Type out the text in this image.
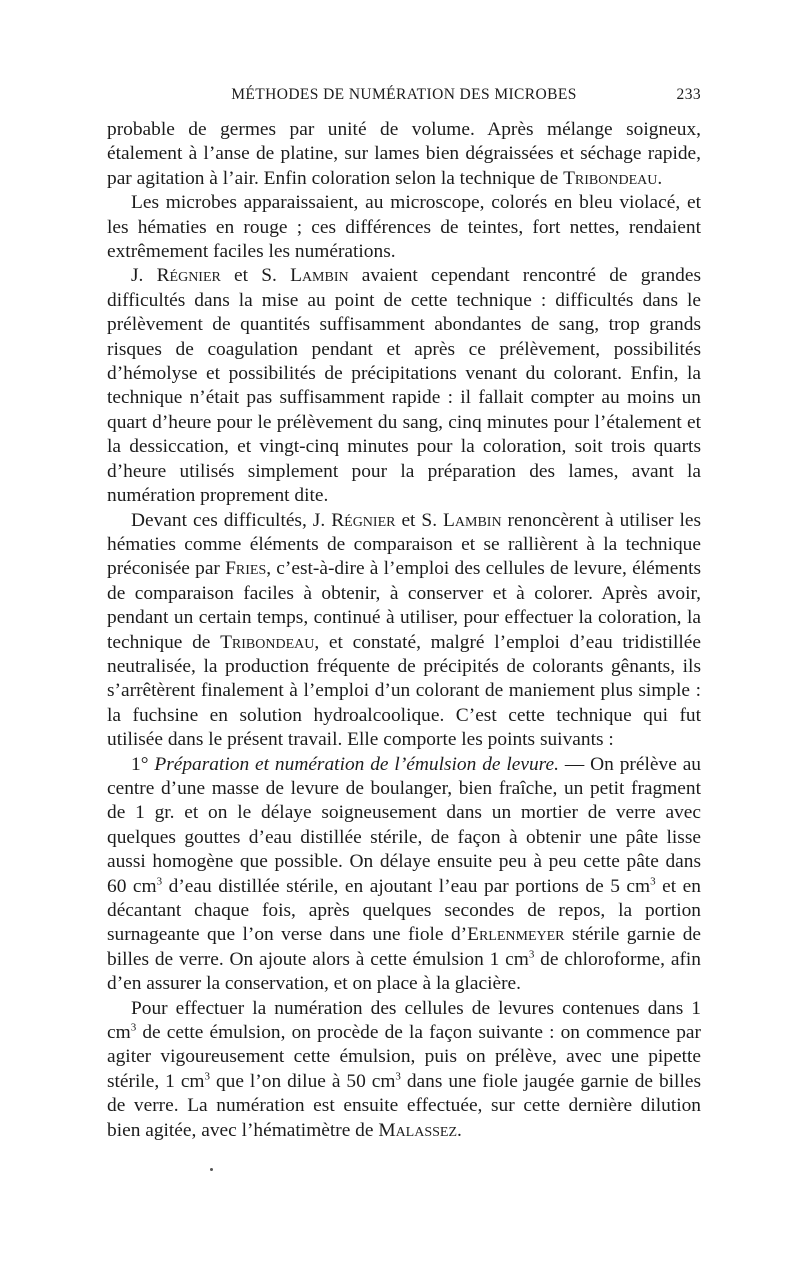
MÉTHODES DE NUMÉRATION DES MICROBES	233

probable de germes par unité de volume. Après mélange soigneux, étalement à l’anse de platine, sur lames bien dégraissées et séchage rapide, par agitation à l’air. Enfin coloration selon la technique de Tribondeau.

Les microbes apparaissaient, au microscope, colorés en bleu violacé, et les hématies en rouge ; ces différences de teintes, fort nettes, rendaient extrêmement faciles les numérations.

J. Régnier et S. Lambin avaient cependant rencontré de grandes difficultés dans la mise au point de cette technique : difficultés dans le prélèvement de quantités suffisamment abondantes de sang, trop grands risques de coagulation pendant et après ce prélèvement, possibilités d’hémolyse et possibilités de précipitations venant du colorant. Enfin, la technique n’était pas suffisamment rapide : il fallait compter au moins un quart d’heure pour le prélèvement du sang, cinq minutes pour l’étalement et la dessiccation, et vingt-cinq minutes pour la coloration, soit trois quarts d’heure utilisés simplement pour la préparation des lames, avant la numération proprement dite.

Devant ces difficultés, J. Régnier et S. Lambin renoncèrent à utiliser les hématies comme éléments de comparaison et se rallièrent à la technique préconisée par Fries, c’est-à-dire à l’emploi des cellules de levure, éléments de comparaison faciles à obtenir, à conserver et à colorer. Après avoir, pendant un certain temps, continué à utiliser, pour effectuer la coloration, la technique de Tribondeau, et constaté, malgré l’emploi d’eau tridistillée neutralisée, la production fréquente de précipités de colorants gênants, ils s’arrêtèrent finalement à l’emploi d’un colorant de maniement plus simple : la fuchsine en solution hydroalcoolique. C’est cette technique qui fut utilisée dans le présent travail. Elle comporte les points suivants :

1° Préparation et numération de l’émulsion de levure. — On prélève au centre d’une masse de levure de boulanger, bien fraîche, un petit fragment de 1 gr. et on le délaye soigneusement dans un mortier de verre avec quelques gouttes d’eau distillée stérile, de façon à obtenir une pâte lisse aussi homogène que possible. On délaye ensuite peu à peu cette pâte dans 60 $cm^3$ d’eau distillée stérile, en ajoutant l’eau par portions de 5 $cm^3$ et en décantant chaque fois, après quelques secondes de repos, la portion surnageante que l’on verse dans une fiole d’Erlenmeyer stérile garnie de billes de verre. On ajoute alors à cette émulsion 1 $cm^3$ de chloroforme, afin d’en assurer la conservation, et on place à la glacière.

Pour effectuer la numération des cellules de levures contenues dans 1 $cm^3$ de cette émulsion, on procède de la façon suivante : on commence par agiter vigoureusement cette émulsion, puis on prélève, avec une pipette stérile, 1 $cm^3$ que l’on dilue à 50 $cm^3$ dans une fiole jaugée garnie de billes de verre. La numération est ensuite effectuée, sur cette dernière dilution bien agitée, avec l’hématimètre de Malassez.
